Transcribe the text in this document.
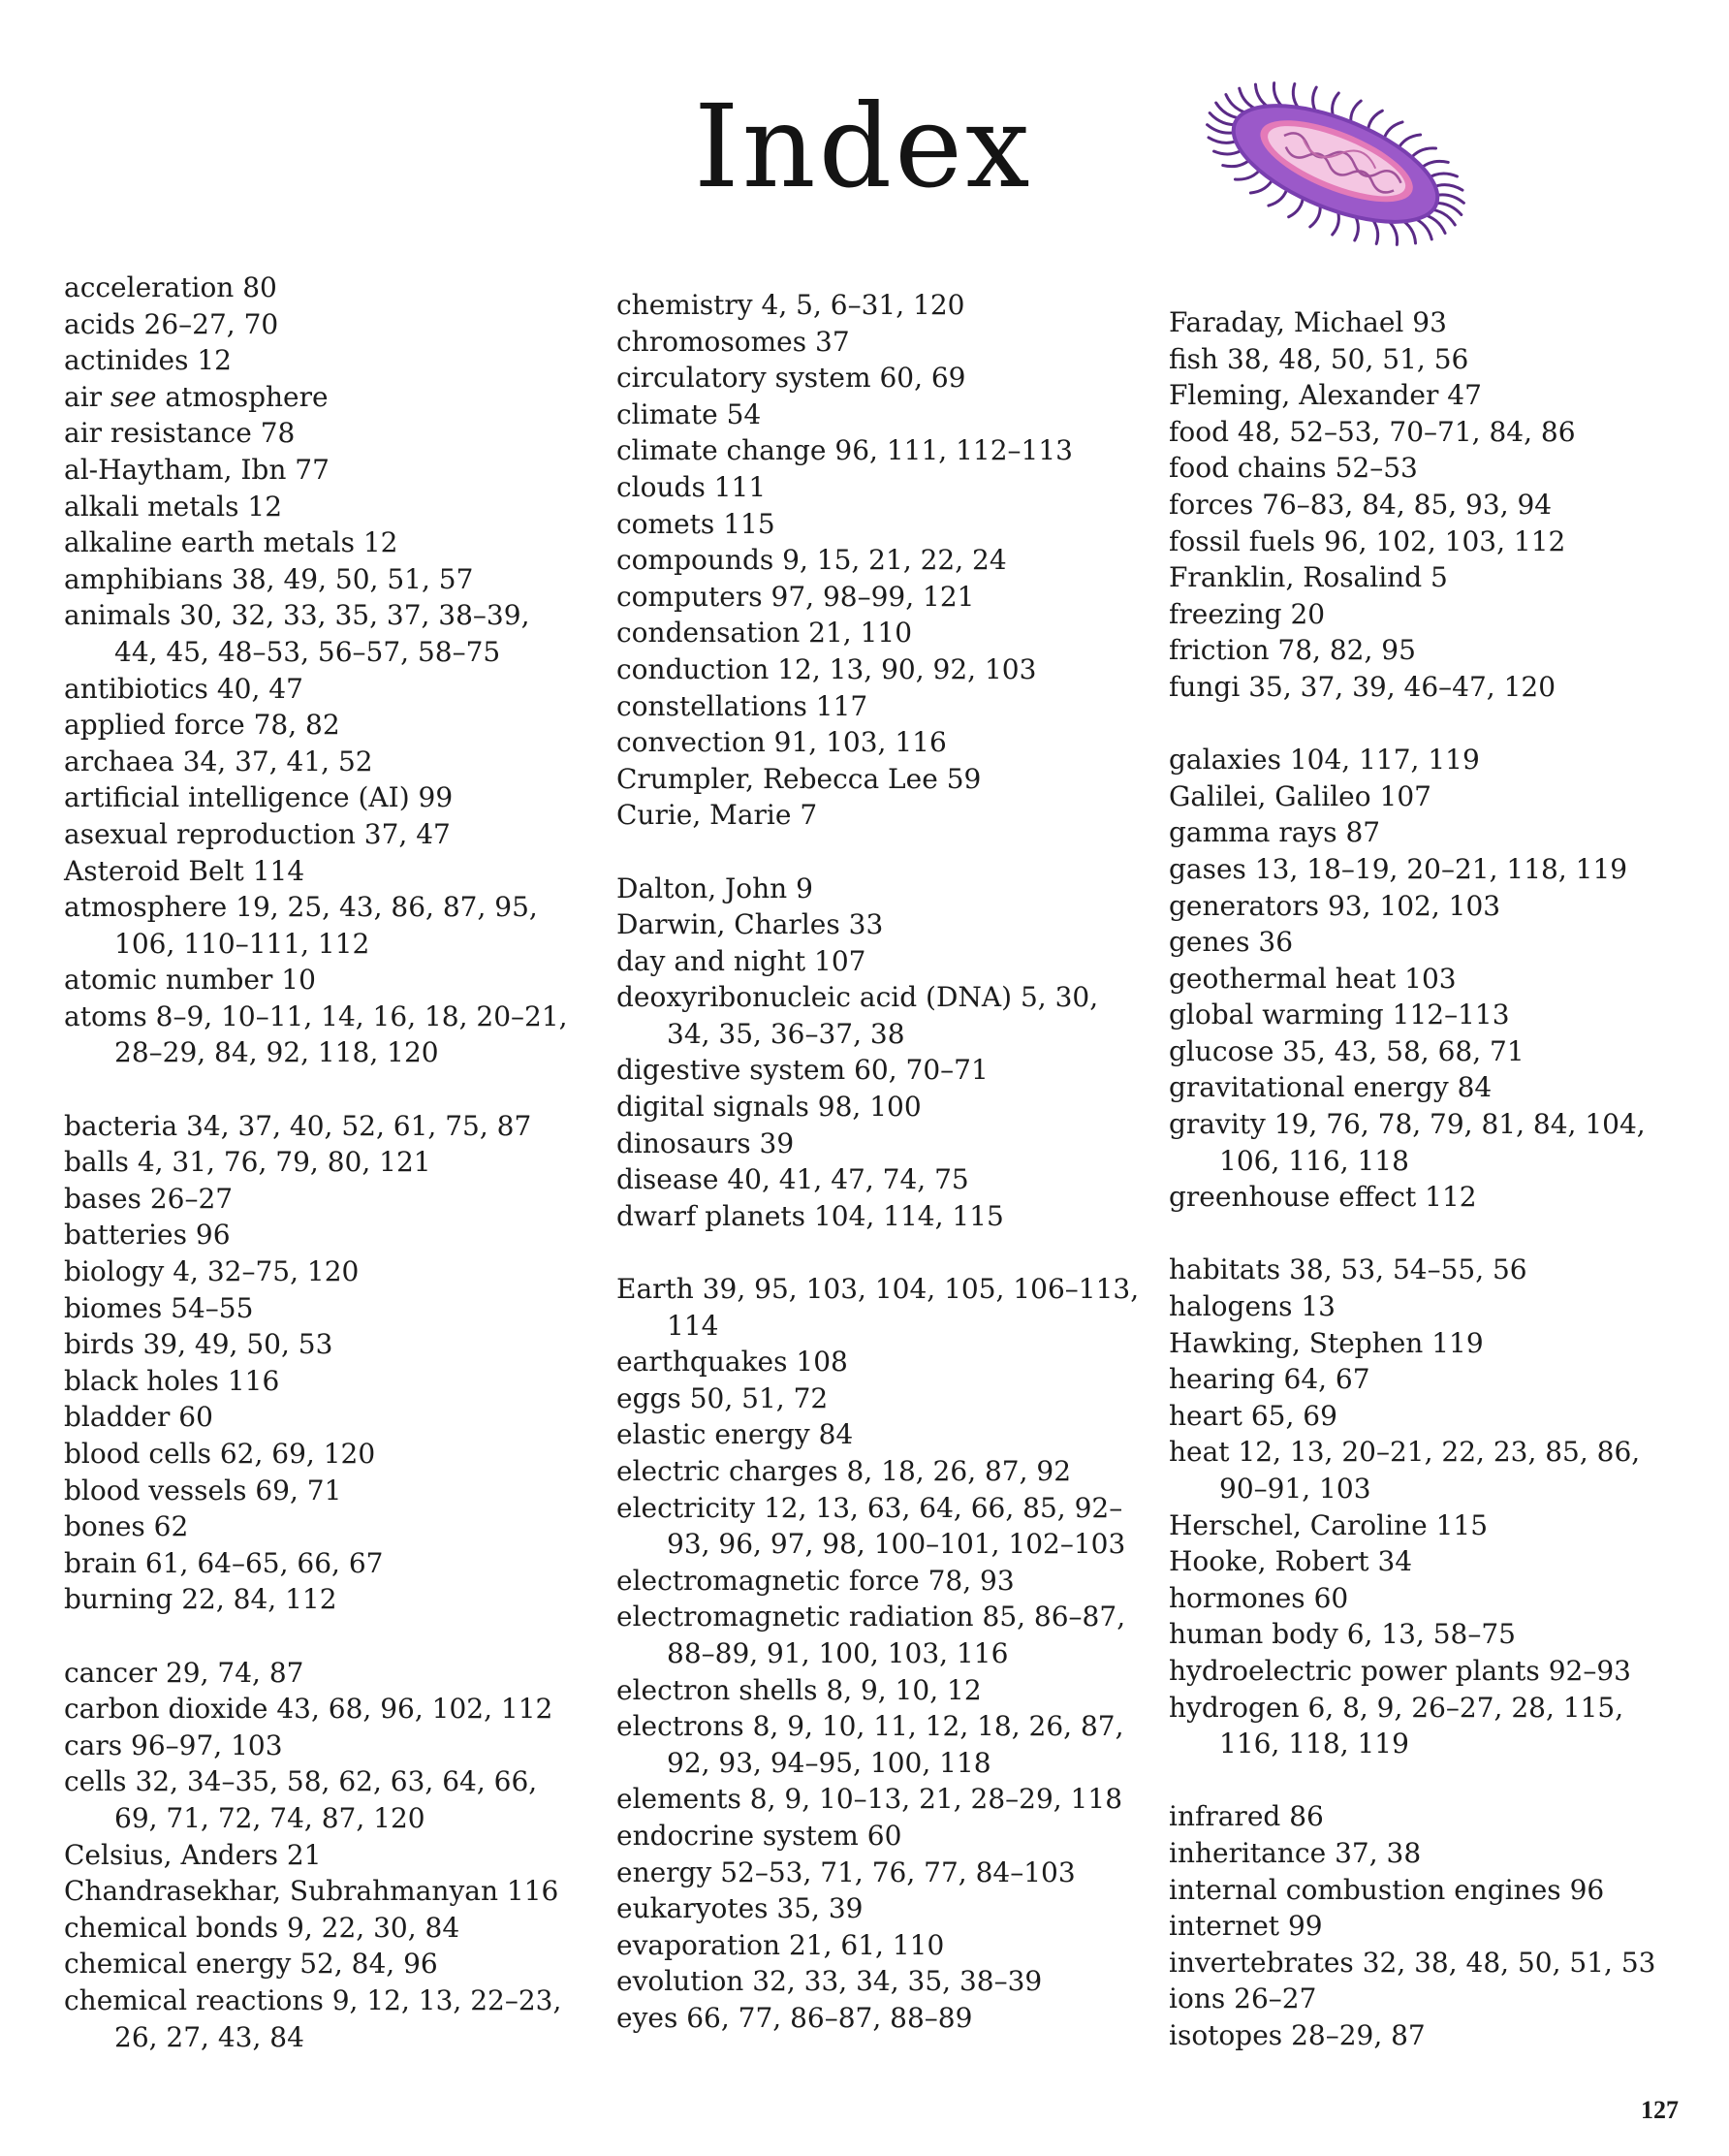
Index
acceleration 80
acids 26–27, 70
actinides 12
air see atmosphere
air resistance 78
al-Haytham, Ibn 77
alkali metals 12
alkaline earth metals 12
amphibians 38, 49, 50, 51, 57
animals 30, 32, 33, 35, 37, 38–39, 44, 45, 48–53, 56–57, 58–75
antibiotics 40, 47
applied force 78, 82
archaea 34, 37, 41, 52
artificial intelligence (AI) 99
asexual reproduction 37, 47
Asteroid Belt 114
atmosphere 19, 25, 43, 86, 87, 95, 106, 110–111, 112
atomic number 10
atoms 8–9, 10–11, 14, 16, 18, 20–21, 28–29, 84, 92, 118, 120
bacteria 34, 37, 40, 52, 61, 75, 87
balls 4, 31, 76, 79, 80, 121
bases 26–27
batteries 96
biology 4, 32–75, 120
biomes 54–55
birds 39, 49, 50, 53
black holes 116
bladder 60
blood cells 62, 69, 120
blood vessels 69, 71
bones 62
brain 61, 64–65, 66, 67
burning 22, 84, 112
cancer 29, 74, 87
carbon dioxide 43, 68, 96, 102, 112
cars 96–97, 103
cells 32, 34–35, 58, 62, 63, 64, 66, 69, 71, 72, 74, 87, 120
Celsius, Anders 21
Chandrasekhar, Subrahmanyan 116
chemical bonds 9, 22, 30, 84
chemical energy 52, 84, 96
chemical reactions 9, 12, 13, 22–23, 26, 27, 43, 84
chemistry 4, 5, 6–31, 120
chromosomes 37
circulatory system 60, 69
climate 54
climate change 96, 111, 112–113
clouds 111
comets 115
compounds 9, 15, 21, 22, 24
computers 97, 98–99, 121
condensation 21, 110
conduction 12, 13, 90, 92, 103
constellations 117
convection 91, 103, 116
Crumpler, Rebecca Lee 59
Curie, Marie 7
Dalton, John 9
Darwin, Charles 33
day and night 107
deoxyribonucleic acid (DNA) 5, 30, 34, 35, 36–37, 38
digestive system 60, 70–71
digital signals 98, 100
dinosaurs 39
disease 40, 41, 47, 74, 75
dwarf planets 104, 114, 115
Earth 39, 95, 103, 104, 105, 106–113, 114
earthquakes 108
eggs 50, 51, 72
elastic energy 84
electric charges 8, 18, 26, 87, 92
electricity 12, 13, 63, 64, 66, 85, 92–93, 96, 97, 98, 100–101, 102–103
electromagnetic force 78, 93
electromagnetic radiation 85, 86–87, 88–89, 91, 100, 103, 116
electron shells 8, 9, 10, 12
electrons 8, 9, 10, 11, 12, 18, 26, 87, 92, 93, 94–95, 100, 118
elements 8, 9, 10–13, 21, 28–29, 118
endocrine system 60
energy 52–53, 71, 76, 77, 84–103
eukaryotes 35, 39
evaporation 21, 61, 110
evolution 32, 33, 34, 35, 38–39
eyes 66, 77, 86–87, 88–89
Faraday, Michael 93
fish 38, 48, 50, 51, 56
Fleming, Alexander 47
food 48, 52–53, 70–71, 84, 86
food chains 52–53
forces 76–83, 84, 85, 93, 94
fossil fuels 96, 102, 103, 112
Franklin, Rosalind 5
freezing 20
friction 78, 82, 95
fungi 35, 37, 39, 46–47, 120
galaxies 104, 117, 119
Galilei, Galileo 107
gamma rays 87
gases 13, 18–19, 20–21, 118, 119
generators 93, 102, 103
genes 36
geothermal heat 103
global warming 112–113
glucose 35, 43, 58, 68, 71
gravitational energy 84
gravity 19, 76, 78, 79, 81, 84, 104, 106, 116, 118
greenhouse effect 112
habitats 38, 53, 54–55, 56
halogens 13
Hawking, Stephen 119
hearing 64, 67
heart 65, 69
heat 12, 13, 20–21, 22, 23, 85, 86, 90–91, 103
Herschel, Caroline 115
Hooke, Robert 34
hormones 60
human body 6, 13, 58–75
hydroelectric power plants 92–93
hydrogen 6, 8, 9, 26–27, 28, 115, 116, 118, 119
infrared 86
inheritance 37, 38
internal combustion engines 96
internet 99
invertebrates 32, 38, 48, 50, 51, 53
ions 26–27
isotopes 28–29, 87
127
